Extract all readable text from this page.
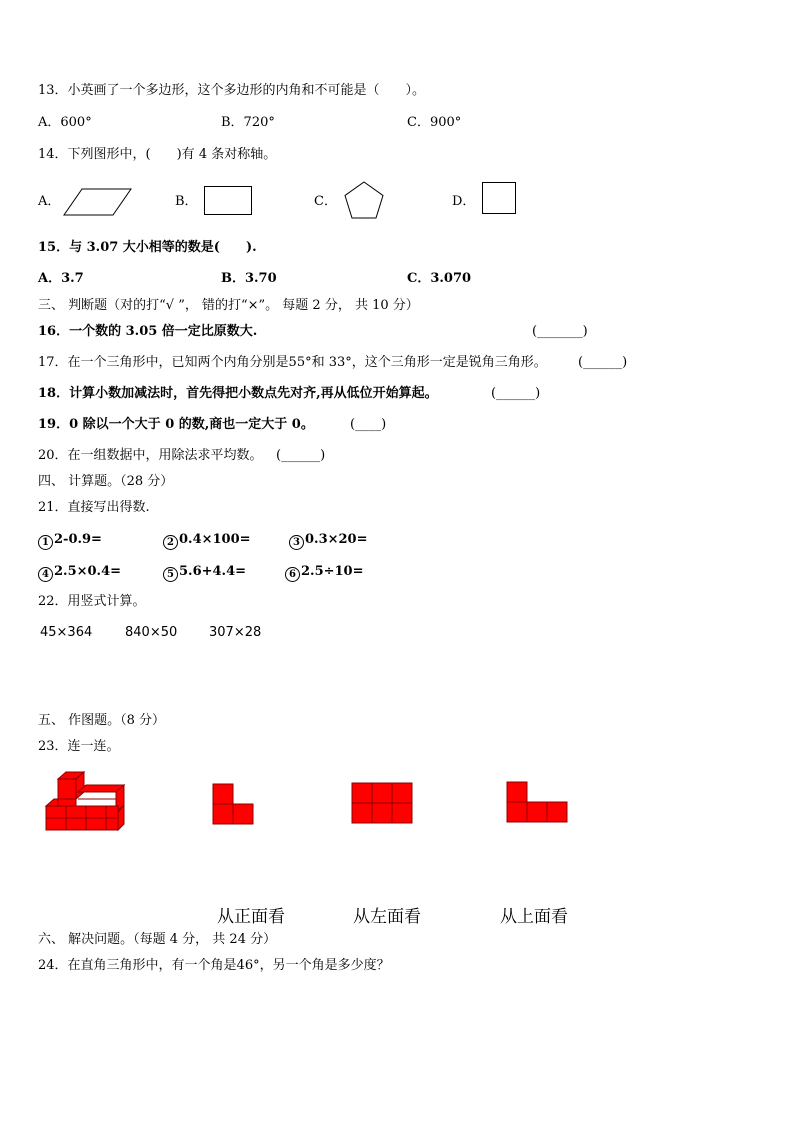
13．小英画了一个多边形，这个多边形的内角和不可能是（　　）。
A．600°	B．720°	C．900°
14．下列图形中，(　　)有 4 条对称轴。
A．	B．	C．	D．
15．与 3.07 大小相等的数是(　　).
A．3.7	B．3.70	C．3.070
三、 判断题（对的打“√ ”， 错的打“×”。 每题 2 分， 共 10 分）
16．一个数的 3.05 倍一定比原数大.	(_______)
17．在一个三角形中，已知两个内角分别是55°和 33°，这个三角形一定是锐角三角形。 (______)
18．计算小数加减法时，首先得把小数点先对齐,再从低位开始算起。	(______)
19．0 除以一个大于 0 的数,商也一定大于 0。	(____)
20．在一组数据中，用除法求平均数。 (______)
四、 计算题。（28 分）
21．直接写出得数.
1 2-0.9=	2 0.4×100=	3 0.3×20=
4 2.5×0.4=	5 5.6+4.4=	6 2.5÷10=
22．用竖式计算。
45×364	840×50 307×28
五、 作图题。（8 分）
23．连一连。
从正面看	从左面看	从上面看
六、 解决问题。（每题 4 分， 共 24 分）
24．在直角三角形中，有一个角是46°，另一个角是多少度？
